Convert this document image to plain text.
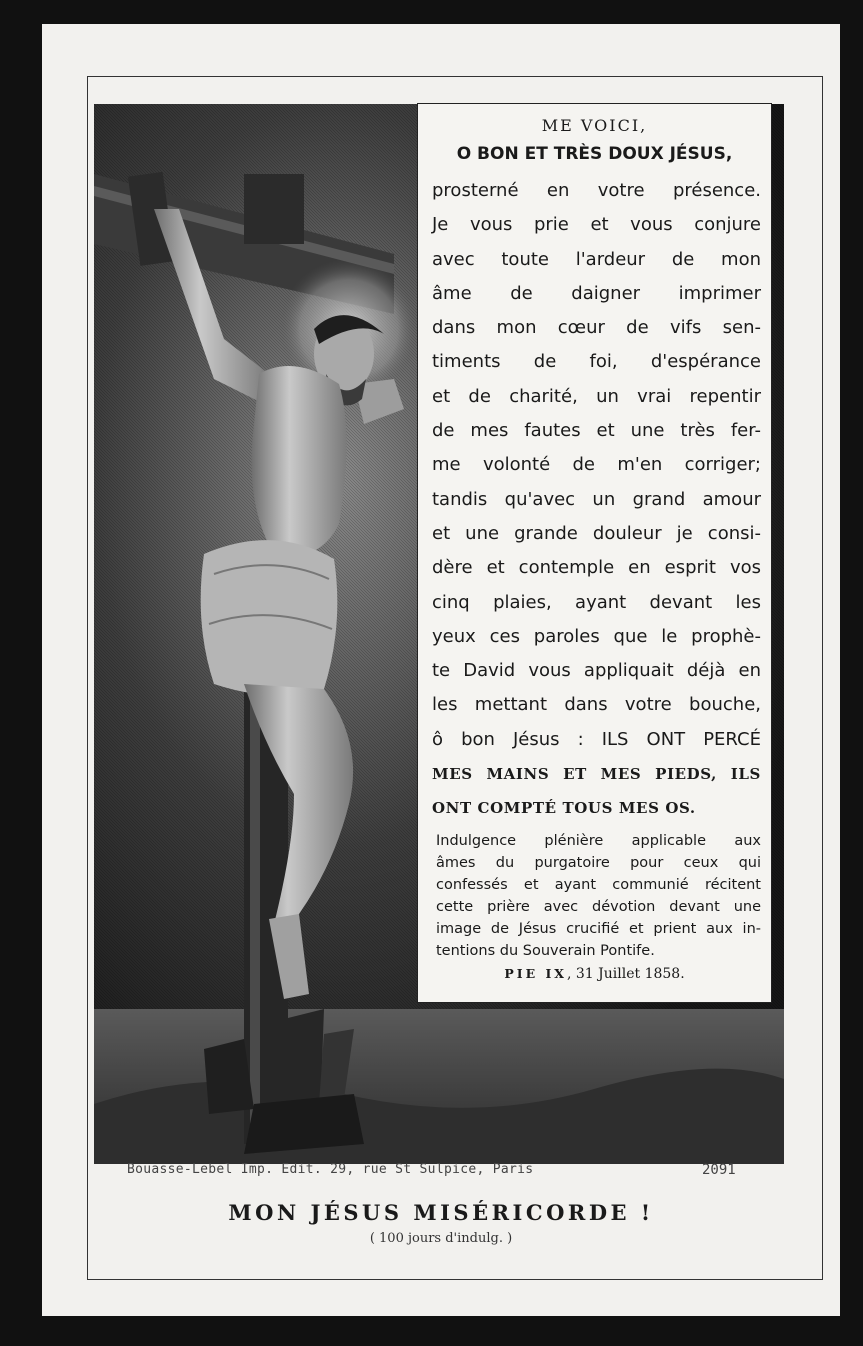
ME VOICI,
O BON ET TRÈS DOUX JÉSUS,
prosterné en votre présence.
Je vous prie et vous conjure
avec toute l'ardeur de mon
âme de daigner imprimer
dans mon cœur de vifs sen-
timents de foi, d'espérance
et de charité, un vrai repentir
de mes fautes et une très fer-
me volonté de m'en corriger;
tandis qu'avec un grand amour
et une grande douleur je consi-
dère et contemple en esprit vos
cinq plaies, ayant devant les
yeux ces paroles que le prophè-
te David vous appliquait déjà en
les mettant dans votre bouche,
ô bon Jésus : ILS ONT PERCÉ
MES MAINS ET MES PIEDS, ILS
ONT COMPTÉ TOUS MES OS.
Indulgence plénière applicable aux
âmes du purgatoire pour ceux qui
confessés et ayant communié récitent
cette prière avec dévotion devant une
image de Jésus crucifié et prient aux in-
tentions du Souverain Pontife.
PIE IX, 31 Juillet 1858.
Bouasse-Lebel Imp. Edit. 29, rue St Sulpice, Paris	2091
MON JÉSUS MISÉRICORDE !
( 100 jours d'indulg. )
